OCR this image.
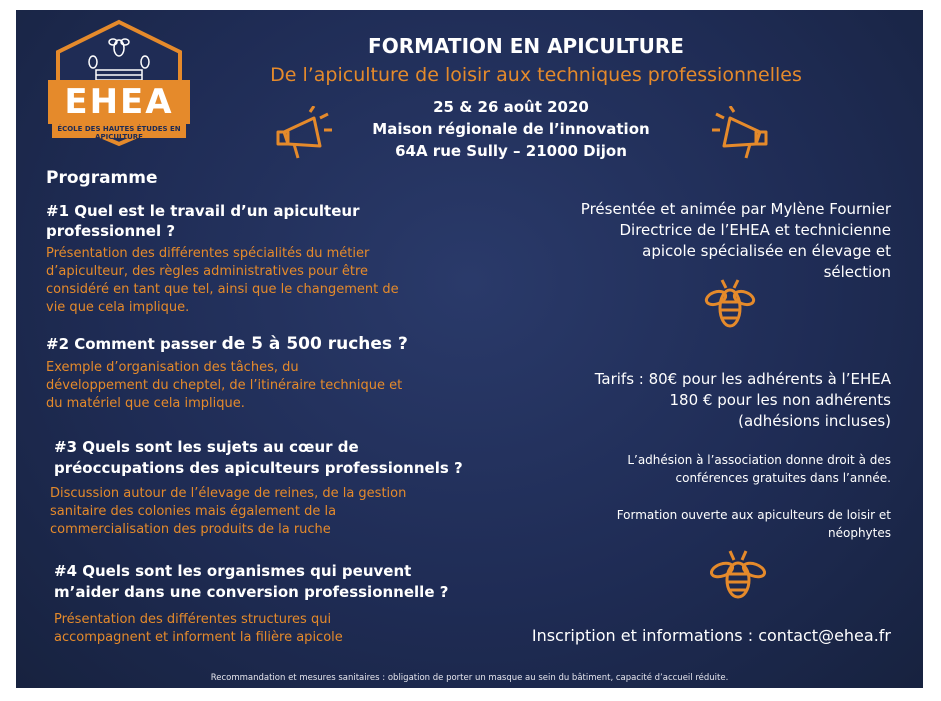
EHEA
ÉCOLE DES HAUTES ÉTUDES EN APICULTURE
FORMATION EN APICULTURE
De l’apiculture de loisir aux techniques professionnelles
25 & 26 août 2020
Maison régionale de l’innovation
64A rue Sully – 21000 Dijon
Programme
#1 Quel est le travail d’un apiculteur
professionnel ?
Présentation des différentes spécialités du métier
d’apiculteur, des règles administratives pour être
considéré en tant que tel, ainsi que le changement de
vie que cela implique.
#2 Comment passer de 5 à 500 ruches ?
Exemple d’organisation des tâches, du
développement du cheptel, de l’itinéraire technique et
du matériel que cela implique.
#3 Quels sont les sujets au cœur de
préoccupations des apiculteurs professionnels ?
Discussion autour de l’élevage de reines, de la gestion
sanitaire des colonies mais également de la
commercialisation des produits de la ruche
#4 Quels sont les organismes qui peuvent
m’aider dans une conversion professionnelle ?
Présentation des différentes structures qui
accompagnent et informent la filière apicole
Présentée et animée par Mylène Fournier
Directrice de l’EHEA et technicienne
apicole spécialisée en élevage et
sélection
Tarifs : 80€ pour les adhérents à l’EHEA
180 € pour les non adhérents
(adhésions incluses)
L’adhésion à l’association donne droit à des
conférences gratuites dans l’année.
Formation ouverte aux apiculteurs de loisir et
néophytes
Inscription et informations : contact@ehea.fr
Recommandation et mesures sanitaires : obligation de porter un masque au sein du bâtiment, capacité d’accueil réduite.
